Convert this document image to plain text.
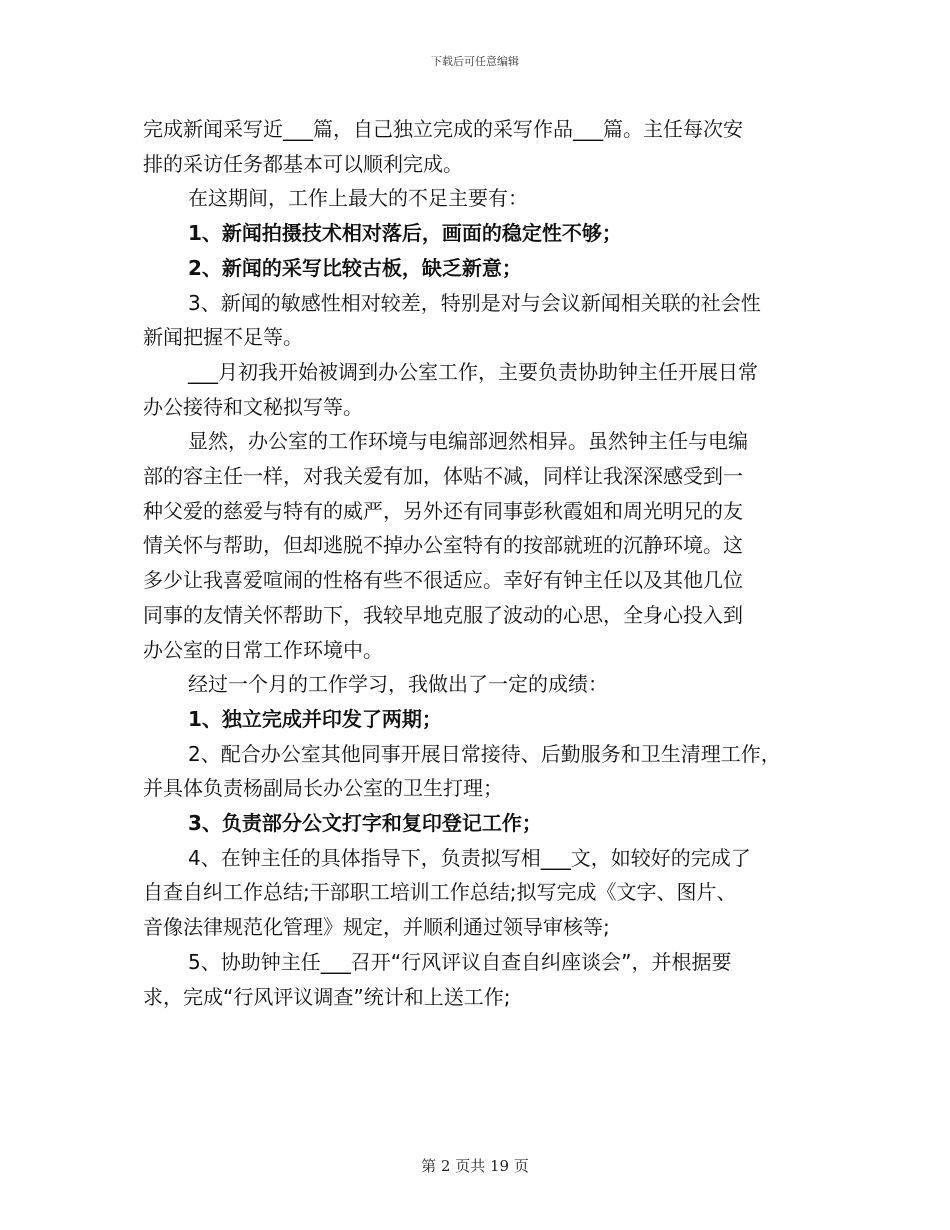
下载后可任意编辑

完成新闻采写近___篇，自己独立完成的采写作品___篇。主任每次安
排的采访任务都基本可以顺利完成。

在这期间，工作上最大的不足主要有：

1、新闻拍摄技术相对落后，画面的稳定性不够；

2、新闻的采写比较古板，缺乏新意；

3、新闻的敏感性相对较差，特别是对与会议新闻相关联的社会性
新闻把握不足等。

___月初我开始被调到办公室工作，主要负责协助钟主任开展日常
办公接待和文秘拟写等。

显然，办公室的工作环境与电编部迥然相异。虽然钟主任与电编
部的容主任一样，对我关爱有加，体贴不减，同样让我深深感受到一
种父爱的慈爱与特有的威严，另外还有同事彭秋霞姐和周光明兄的友
情关怀与帮助，但却逃脱不掉办公室特有的按部就班的沉静环境。这
多少让我喜爱喧闹的性格有些不很适应。幸好有钟主任以及其他几位
同事的友情关怀帮助下，我较早地克服了波动的心思，全身心投入到
办公室的日常工作环境中。

经过一个月的工作学习，我做出了一定的成绩：

1、独立完成并印发了两期；

2、配合办公室其他同事开展日常接待、后勤服务和卫生清理工作，
并具体负责杨副局长办公室的卫生打理；

3、负责部分公文打字和复印登记工作；

4、在钟主任的具体指导下，负责拟写相___文，如较好的完成了
自查自纠工作总结;干部职工培训工作总结;拟写完成《文字、图片、
音像法律规范化管理》规定，并顺利通过领导审核等;

5、协助钟主任___召开“行风评议自查自纠座谈会”，并根据要
求，完成“行风评议调查”统计和上送工作;

第 2 页共 19 页
